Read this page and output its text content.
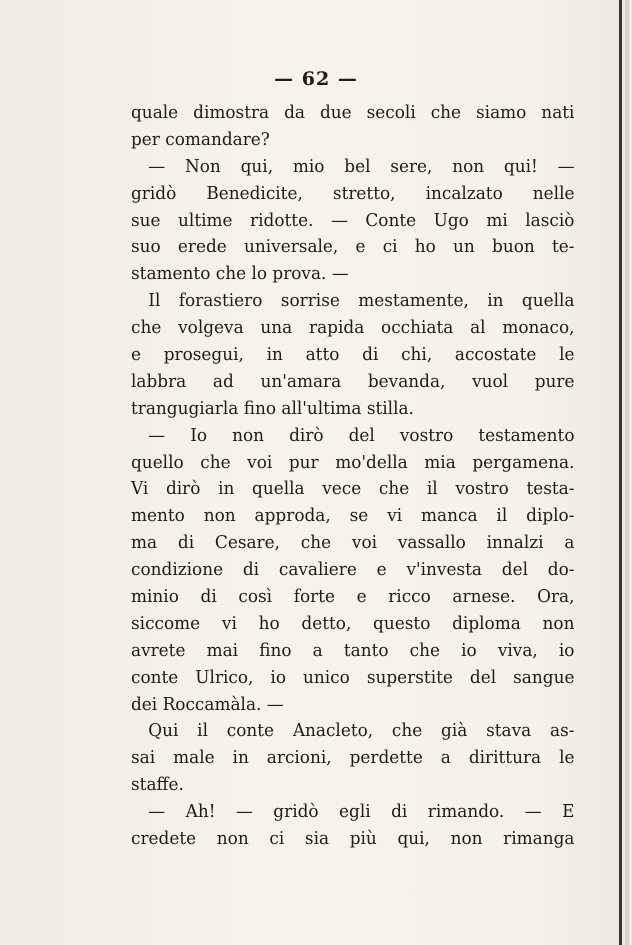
— 62 —
quale dimostra da due secoli che siamo nati
per comandare?
— Non qui, mio bel sere, non qui! —
gridò Benedicite, stretto, incalzato nelle
sue ultime ridotte. — Conte Ugo mi lasciò
suo erede universale, e ci ho un buon te-
stamento che lo prova. —
Il forastiero sorrise mestamente, in quella
che volgeva una rapida occhiata al monaco,
e prosegui, in atto di chi, accostate le
labbra ad un'amara bevanda, vuol pure
trangugiarla fino all'ultima stilla.
— Io non dirò del vostro testamento
quello che voi pur mo'della mia pergamena.
Vi dirò in quella vece che il vostro testa-
mento non approda, se vi manca il diplo-
ma di Cesare, che voi vassallo innalzi a
condizione di cavaliere e v'investa del do-
minio di così forte e ricco arnese. Ora,
siccome vi ho detto, questo diploma non
avrete mai fino a tanto che io viva, io
conte Ulrico, io unico superstite del sangue
dei Roccamàla. —
Qui il conte Anacleto, che già stava as-
sai male in arcioni, perdette a dirittura le
staffe.
— Ah! — gridò egli di rimando. — E
credete non ci sia più qui, non rimanga
